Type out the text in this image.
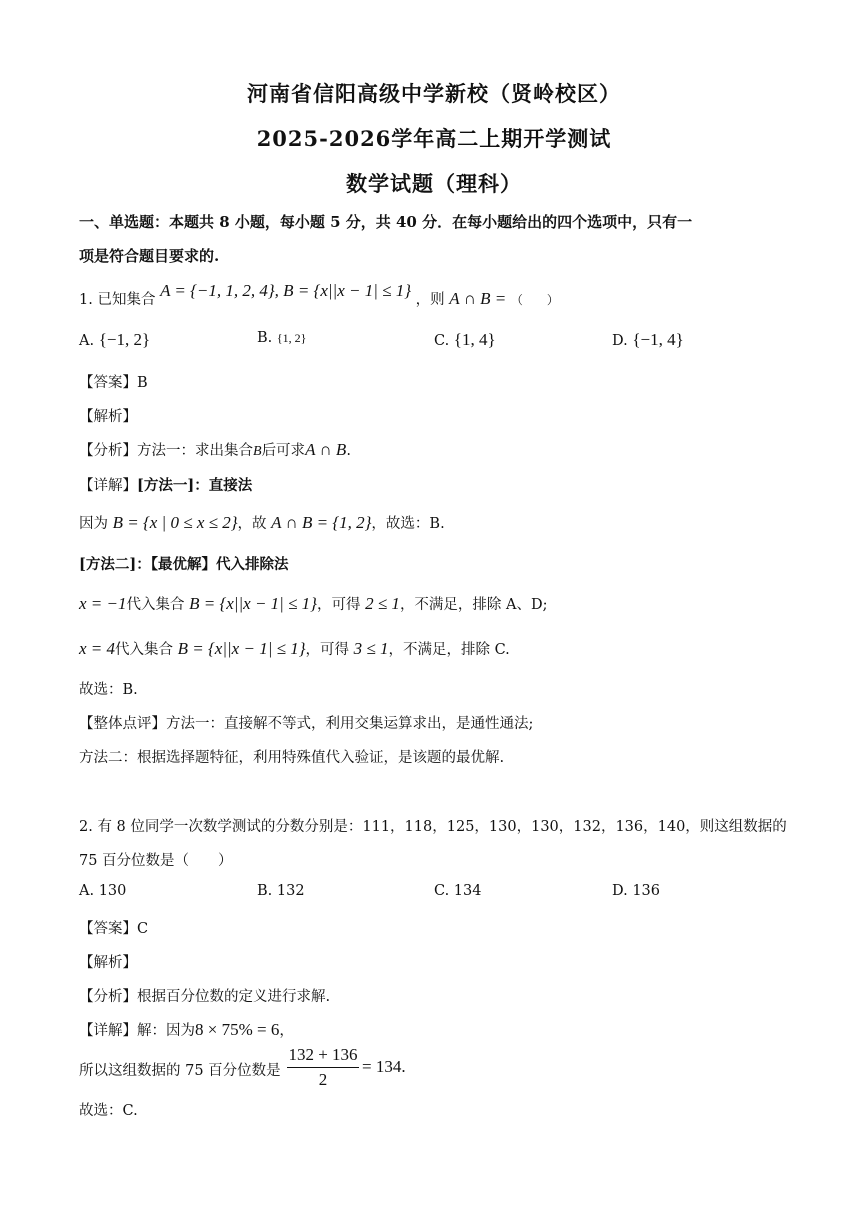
河南省信阳高级中学新校（贤岭校区）
2025-2026学年高二上期开学测试
数学试题（理科）
一、单选题：本题共 8 小题，每小题 5 分，共 40 分．在每小题给出的四个选项中，只有一
项是符合题目要求的.
1. 已知集合 A = {−1, 1, 2, 4}, B = {x||x − 1| ≤ 1} ，则 A ∩ B = （　　）
A. {−1, 2}	B. {1, 2}	C. {1, 4}	D. {−1, 4}
【答案】B
【解析】
【分析】方法一：求出集合B后可求A ∩ B.
【详解】[方法一]：直接法
因为 B = {x | 0 ≤ x ≤ 2}，故 A ∩ B = {1, 2}，故选：B.
[方法二]：【最优解】代入排除法
x = −1代入集合 B = {x||x − 1| ≤ 1}，可得 2 ≤ 1，不满足，排除 A、D;
x = 4代入集合 B = {x||x − 1| ≤ 1}，可得 3 ≤ 1，不满足，排除 C.
故选：B.
【整体点评】方法一：直接解不等式，利用交集运算求出，是通性通法;
方法二：根据选择题特征，利用特殊值代入验证，是该题的最优解.
2. 有 8 位同学一次数学测试的分数分别是：111，118，125，130，130，132，136，140，则这组数据的
75 百分位数是（　　）
A. 130	B. 132	C. 134	D. 136
【答案】C
【解析】
【分析】根据百分位数的定义进行求解.
【详解】解：因为8 × 75% = 6，
所以这组数据的 75 百分位数是
132 + 136
2
= 134.
故选：C.
